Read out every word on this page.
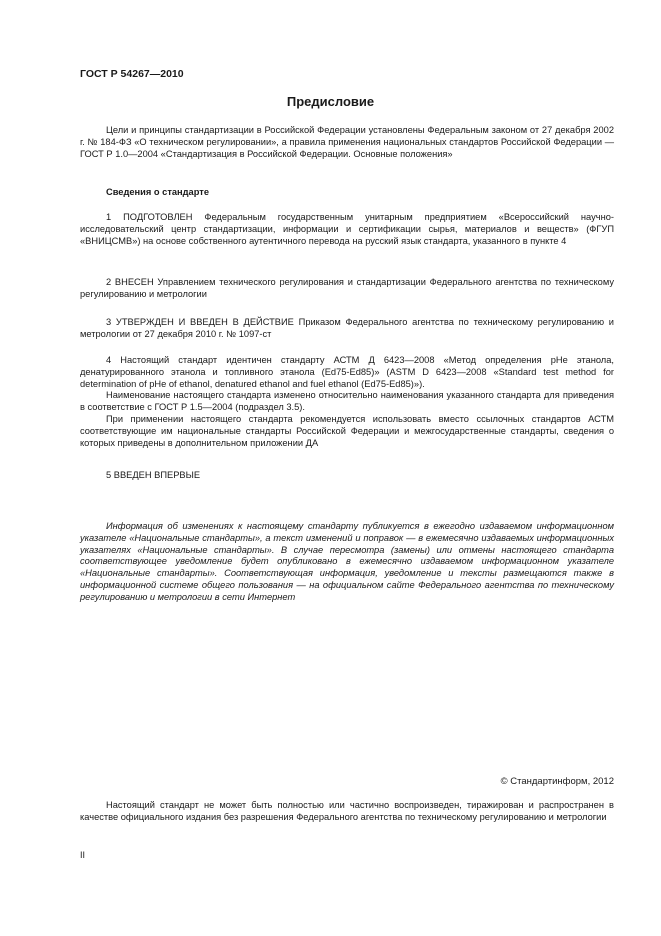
ГОСТ Р 54267—2010
Предисловие

Цели и принципы стандартизации в Российской Федерации установлены Федеральным законом от 27 декабря 2002 г. № 184-ФЗ «О техническом регулировании», а правила применения национальных стандартов Российской Федерации — ГОСТ Р 1.0—2004 «Стандартизация в Российской Федерации. Основные положения»

Сведения о стандарте

1 ПОДГОТОВЛЕН Федеральным государственным унитарным предприятием «Всероссийский научно-исследовательский центр стандартизации, информации и сертификации сырья, материалов и веществ» (ФГУП «ВНИЦСМВ») на основе собственного аутентичного перевода на русский язык стандарта, указанного в пункте 4

2 ВНЕСЕН Управлением технического регулирования и стандартизации Федерального агентства по техническому регулированию и метрологии

3 УТВЕРЖДЕН И ВВЕДЕН В ДЕЙСТВИЕ Приказом Федерального агентства по техническому регулированию и метрологии от 27 декабря 2010 г. № 1097-ст

4 Настоящий стандарт идентичен стандарту АСТМ Д 6423—2008 «Метод определения pHe этанола, денатурированного этанола и топливного этанола (Ed75-Ed85)» (ASTM D 6423—2008 «Standard test method for determination of pHe of ethanol, denatured ethanol and fuel ethanol (Ed75-Ed85)»).

Наименование настоящего стандарта изменено относительно наименования указанного стандарта для приведения в соответствие с ГОСТ Р 1.5—2004 (подраздел 3.5).

При применении настоящего стандарта рекомендуется использовать вместо ссылочных стандартов АСТМ соответствующие им национальные стандарты Российской Федерации и межгосударственные стандарты, сведения о которых приведены в дополнительном приложении ДА

5 ВВЕДЕН ВПЕРВЫЕ

Информация об изменениях к настоящему стандарту публикуется в ежегодно издаваемом информационном указателе «Национальные стандарты», а текст изменений и поправок — в ежемесячно издаваемых информационных указателях «Национальные стандарты». В случае пересмотра (замены) или отмены настоящего стандарта соответствующее уведомление будет опубликовано в ежемесячно издаваемом информационном указателе «Национальные стандарты». Соответствующая информация, уведомление и тексты размещаются также в информационной системе общего пользования — на официальном сайте Федерального агентства по техническому регулированию и метрологии в сети Интернет

© Стандартинформ, 2012

Настоящий стандарт не может быть полностью или частично воспроизведен, тиражирован и распространен в качестве официального издания без разрешения Федерального агентства по техническому регулированию и метрологии

II
